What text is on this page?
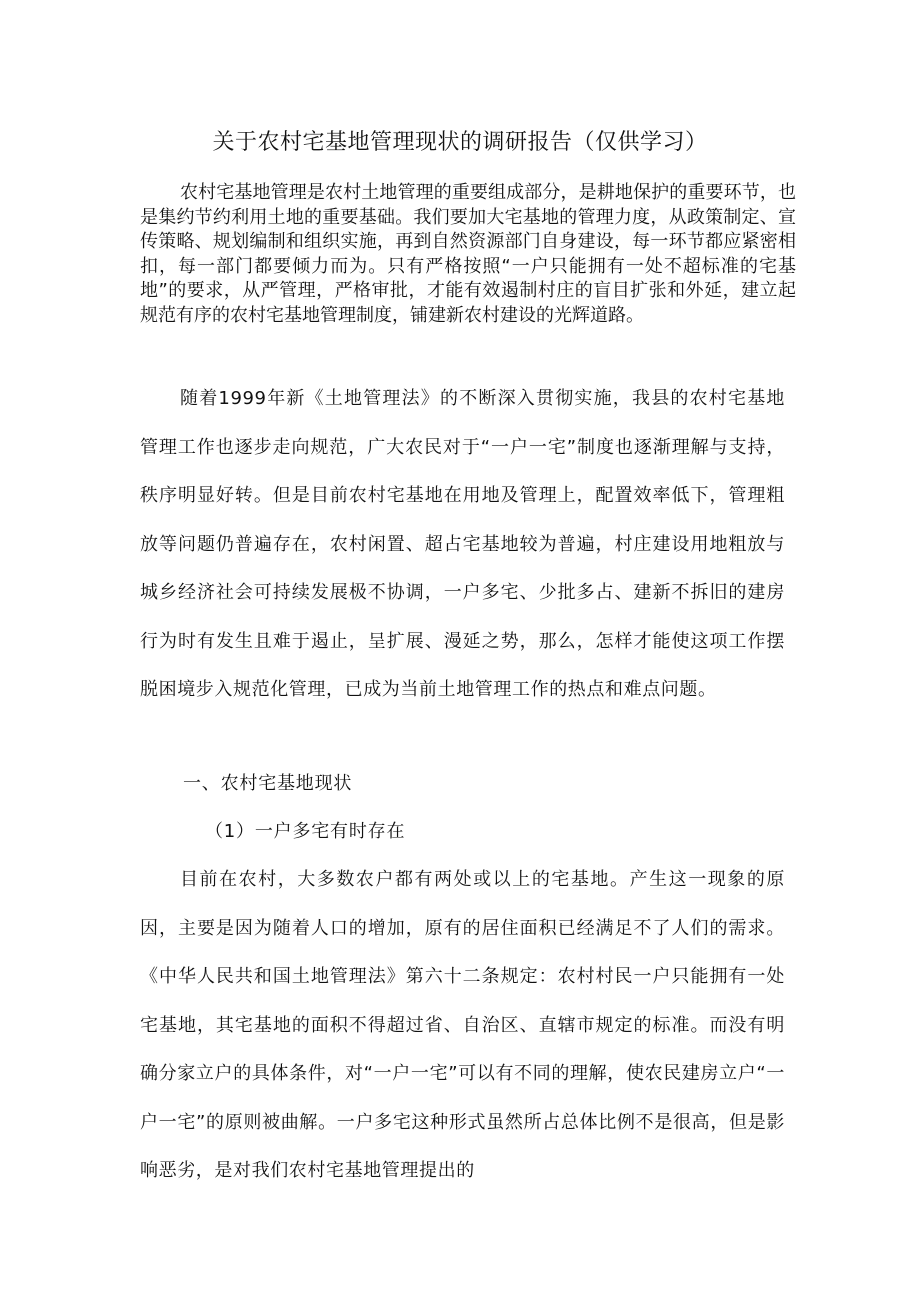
关于农村宅基地管理现状的调研报告（仅供学习）

农村宅基地管理是农村土地管理的重要组成部分，是耕地保护的重要环节，也是集约节约利用土地的重要基础。我们要加大宅基地的管理力度，从政策制定、宣传策略、规划编制和组织实施，再到自然资源部门自身建设，每一环节都应紧密相扣，每一部门都要倾力而为。只有严格按照“一户只能拥有一处不超标准的宅基地”的要求，从严管理，严格审批，才能有效遏制村庄的盲目扩张和外延，建立起规范有序的农村宅基地管理制度，铺建新农村建设的光辉道路。

随着1999年新《土地管理法》的不断深入贯彻实施，我县的农村宅基地管理工作也逐步走向规范，广大农民对于“一户一宅”制度也逐渐理解与支持，秩序明显好转。但是目前农村宅基地在用地及管理上，配置效率低下，管理粗放等问题仍普遍存在，农村闲置、超占宅基地较为普遍，村庄建设用地粗放与城乡经济社会可持续发展极不协调，一户多宅、少批多占、建新不拆旧的建房行为时有发生且难于遏止，呈扩展、漫延之势，那么，怎样才能使这项工作摆脱困境步入规范化管理，已成为当前土地管理工作的热点和难点问题。

一、农村宅基地现状
（1）一户多宅有时存在

目前在农村，大多数农户都有两处或以上的宅基地。产生这一现象的原因，主要是因为随着人口的增加，原有的居住面积已经满足不了人们的需求。《中华人民共和国土地管理法》第六十二条规定：农村村民一户只能拥有一处宅基地，其宅基地的面积不得超过省、自治区、直辖市规定的标准。而没有明确分家立户的具体条件，对“一户一宅”可以有不同的理解，使农民建房立户“一户一宅”的原则被曲解。一户多宅这种形式虽然所占总体比例不是很高，但是影响恶劣，是对我们农村宅基地管理提出的
